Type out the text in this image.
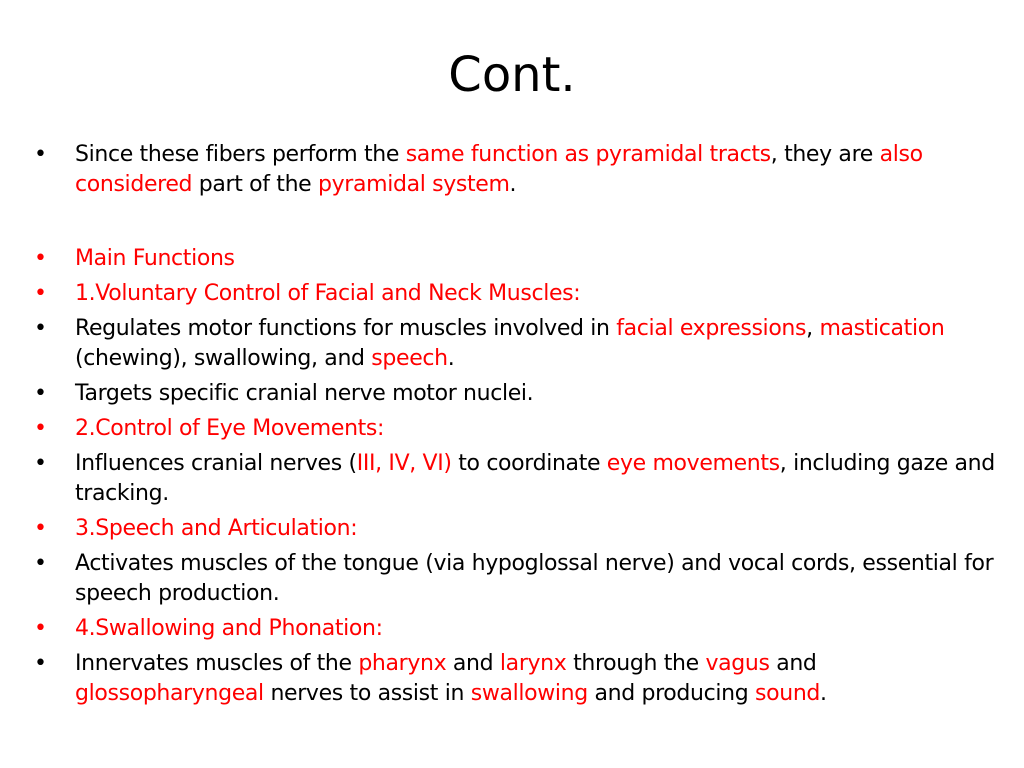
Cont.
• Since these fibers perform the same function as pyramidal tracts, they are also considered part of the pyramidal system.
• Main Functions
• 1.Voluntary Control of Facial and Neck Muscles:
• Regulates motor functions for muscles involved in facial expressions, mastication (chewing), swallowing, and speech.
• Targets specific cranial nerve motor nuclei.
• 2.Control of Eye Movements:
• Influences cranial nerves (III, IV, VI) to coordinate eye movements, including gaze and tracking.
• 3.Speech and Articulation:
• Activates muscles of the tongue (via hypoglossal nerve) and vocal cords, essential for speech production.
• 4.Swallowing and Phonation:
• Innervates muscles of the pharynx and larynx through the vagus and glossopharyngeal nerves to assist in swallowing and producing sound.
